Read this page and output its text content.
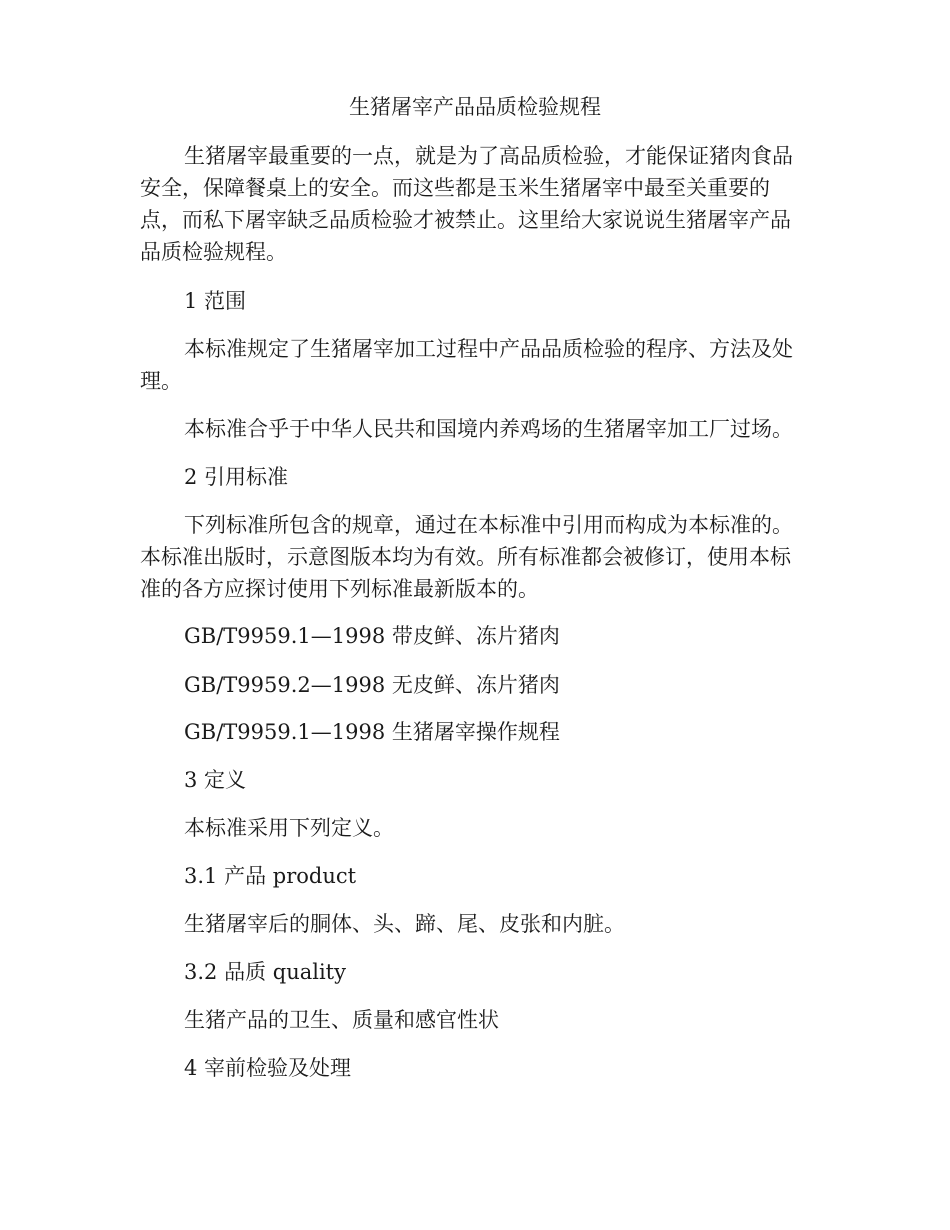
生猪屠宰产品品质检验规程

生猪屠宰最重要的一点，就是为了高品质检验，才能保证猪肉食品安全，保障餐桌上的安全。而这些都是玉米生猪屠宰中最至关重要的点，而私下屠宰缺乏品质检验才被禁止。这里给大家说说生猪屠宰产品品质检验规程。

1 范围

本标准规定了生猪屠宰加工过程中产品品质检验的程序、方法及处理。

本标准合乎于中华人民共和国境内养鸡场的生猪屠宰加工厂过场。

2 引用标准

下列标准所包含的规章，通过在本标准中引用而构成为本标准的。本标准出版时，示意图版本均为有效。所有标准都会被修订，使用本标准的各方应探讨使用下列标准最新版本的。

GB/T9959.1—1998 带皮鲜、冻片猪肉

GB/T9959.2—1998 无皮鲜、冻片猪肉

GB/T9959.1—1998 生猪屠宰操作规程

3 定义

本标准采用下列定义。

3.1 产品 product

生猪屠宰后的胴体、头、蹄、尾、皮张和内脏。

3.2 品质 quality

生猪产品的卫生、质量和感官性状

4 宰前检验及处理
